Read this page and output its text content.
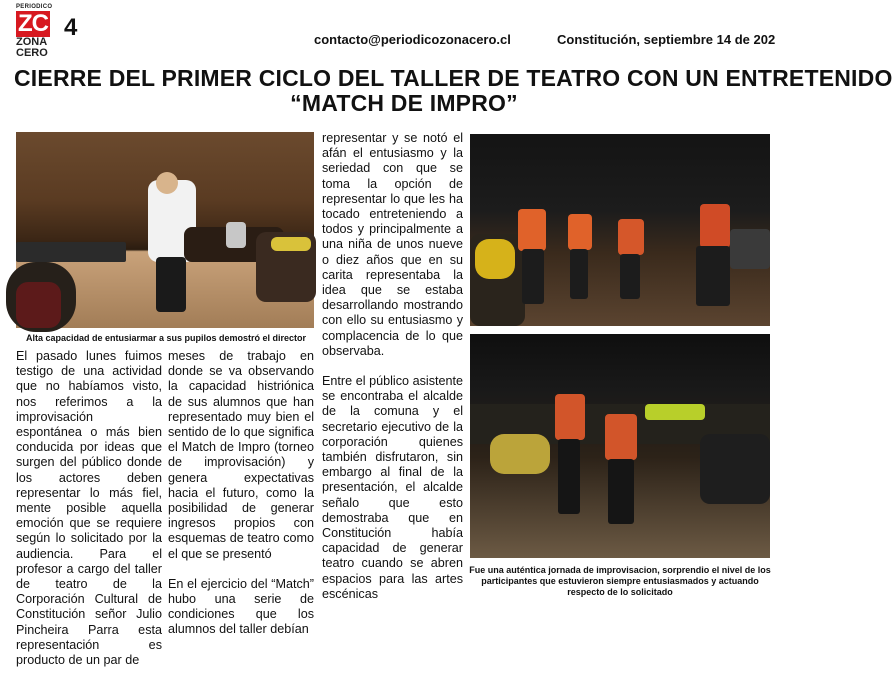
PERIODICO
ZC
ZONA
CERO
4	contacto@periodicozonacero.cl	Constitución, septiembre 14 de 202
CIERRE DEL PRIMER CICLO DEL TALLER DE TEATRO CON UN ENTRETENIDO
“MATCH DE IMPRO”
Alta capacidad de entusiarmar a sus pupilos demostró el director
Fue una auténtica jornada de improvisacion, sorprendio el nivel de los participantes que estuvieron siempre entusiasmados y actuando respecto de lo solicitado

El pasado lunes fuimos testigo de una actividad que no habíamos visto, nos referimos a la improvisación espontánea o más bien conducida por ideas que surgen del público donde los actores deben representar lo más fiel, mente posible aquella emoción que se requiere según lo solicitado por la audiencia. Para el profesor a cargo del taller de teatro de la Corporación Cultural de Constitución señor Julio Pincheira Parra esta representación es producto de un par de

meses de trabajo en donde se va observando la capacidad histriónica de sus alumnos que han representado muy bien el sentido de lo que significa el Match de Impro (torneo de improvisación) y genera expectativas hacia el futuro, como la posibilidad de generar ingresos propios con esquemas de teatro como el que se presentó

En el ejercicio del “Match” hubo una serie de condiciones que los alumnos del taller debían

representar y se notó el afán el entusiasmo y la seriedad con que se toma la opción de representar lo que les ha tocado entreteniendo a todos y principalmente a una niña de unos nueve o diez años que en su carita representaba la idea que se estaba desarrollando mostrando con ello su entusiasmo y complacencia de lo que observaba.

Entre el público asistente se encontraba el alcalde de la comuna y el secretario ejecutivo de la corporación quienes también disfrutaron, sin embargo al final de la presentación, el alcalde señalo que esto demostraba que en Constitución había capacidad de generar teatro cuando se abren espacios para las artes escénicas
